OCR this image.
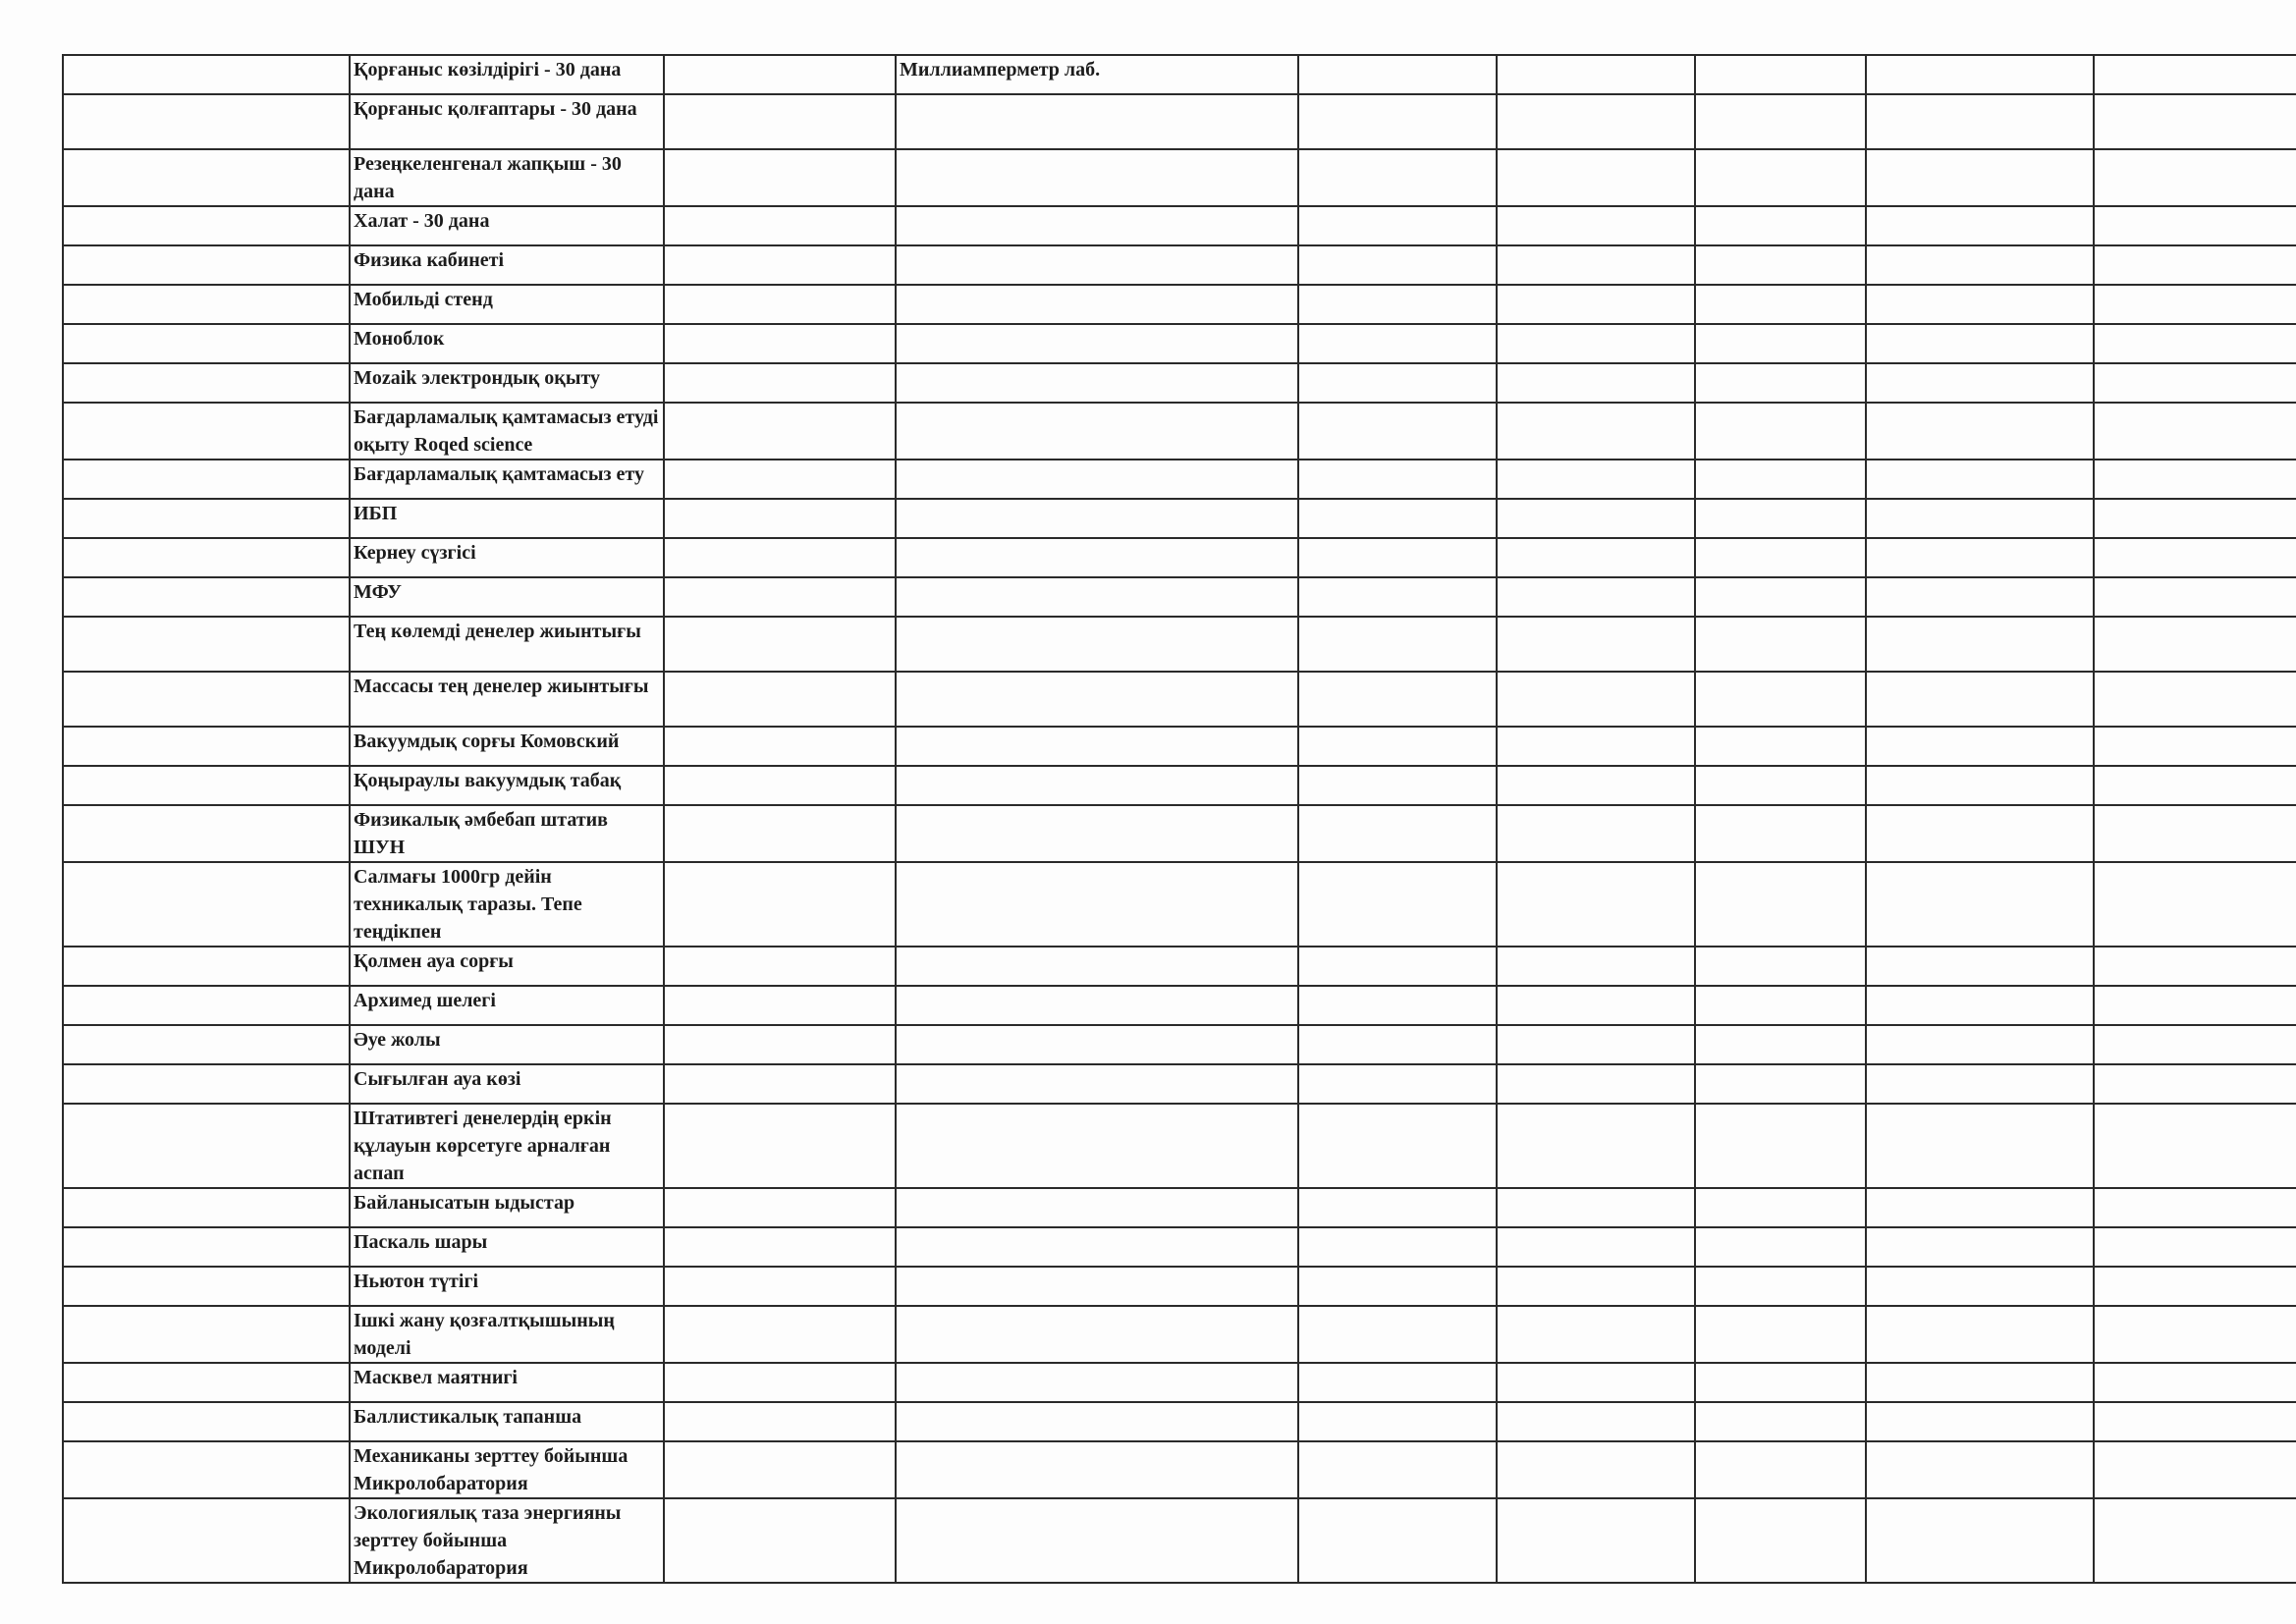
	Қорғаныс көзілдірігі - 30 дана		Миллиамперметр лаб.					
	Қорғаныс қолғаптары - 30 дана							
	Резеңкеленгенал жапқыш - 30 дана							
	Халат - 30 дана							
	Физика кабинеті							
	Мобильді стенд							
	Моноблок							
	Mozaik электрондық оқыту							
	Бағдарламалық қамтамасыз етуді оқыту Roqed science							
	Бағдарламалық қамтамасыз ету							
	ИБП							
	Кернеу сүзгісі							
	МФУ							
	Тең көлемді денелер жиынтығы							
	Массасы тең денелер жиынтығы							
	Вакуумдық сорғы Комовский							
	Қоңыраулы вакуумдық табақ							
	Физикалық әмбебап штатив ШУН							
	Салмағы 1000гр дейін техникалық таразы. Тепе теңдікпен							
	Қолмен ауа сорғы							
	Архимед шелегі							
	Әуе жолы							
	Сығылған ауа көзі							
	Штативтегі денелердің еркін құлауын көрсетуге арналған аспап							
	Байланысатын ыдыстар							
	Паскаль шары							
	Ньютон түтігі							
	Ішкі жану қозғалтқышының моделі							
	Масквел маятнигі							
	Баллистикалық тапанша							
	Механиканы зерттеу бойынша Микролобаратория							
	Экологиялық таза энергияны зерттеу бойынша Микролобаратория							
